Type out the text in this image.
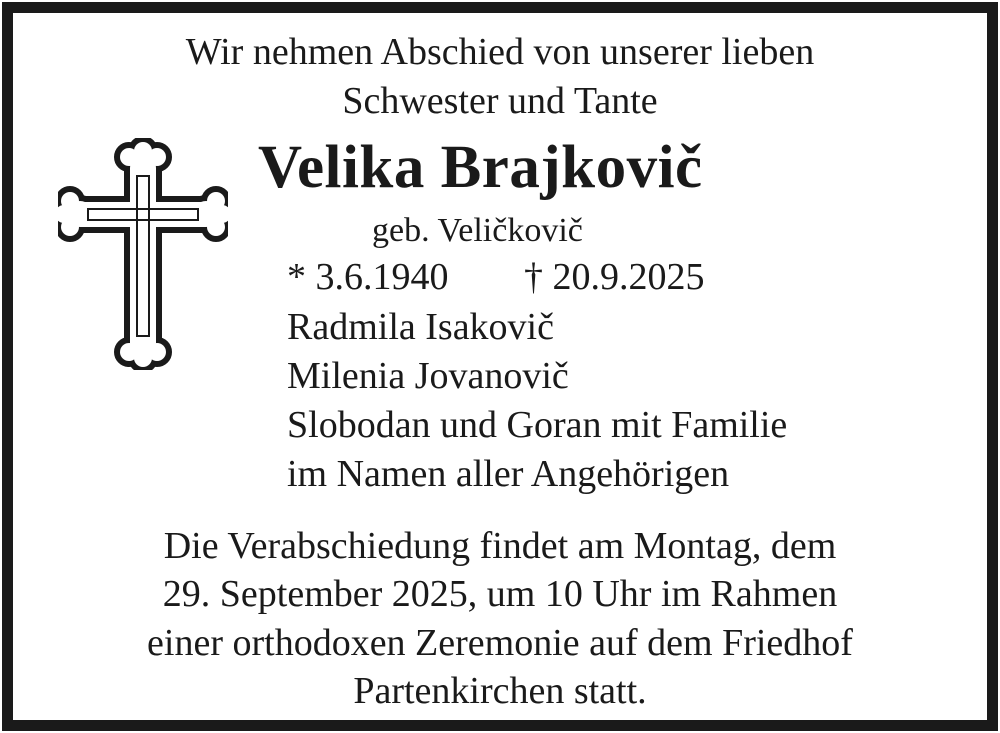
Wir nehmen Abschied von unserer lieben
Schwester und Tante
Velika Brajkovič
geb. Veličkovič
* 3.6.1940 † 20.9.2025
Radmila Isakovič
Milenia Jovanovič
Slobodan und Goran mit Familie
im Namen aller Angehörigen
Die Verabschiedung findet am Montag, dem
29. September 2025, um 10 Uhr im Rahmen
einer orthodoxen Zeremonie auf dem Friedhof
Partenkirchen statt.
